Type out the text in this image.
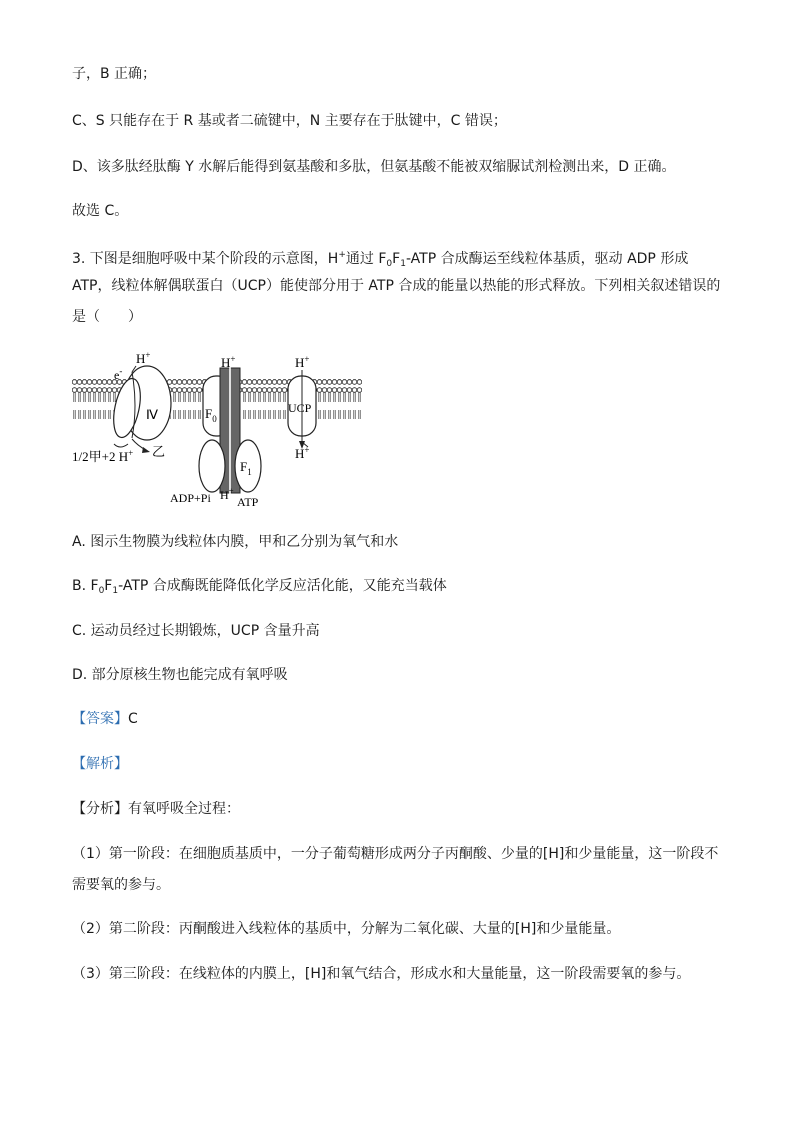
子，B 正确；
C、S 只能存在于 R 基或者二硫键中，N 主要存在于肽键中，C 错误；
D、该多肽经肽酶 Y 水解后能得到氨基酸和多肽，但氨基酸不能被双缩脲试剂检测出来，D 正确。
故选 C。
3. 下图是细胞呼吸中某个阶段的示意图，H+通过 $F_0F_1$-ATP 合成酶运至线粒体基质，驱动 ADP 形成
ATP，线粒体解偶联蛋白（UCP）能使部分用于 ATP 合成的能量以热能的形式释放。下列相关叙述错误的
是（　　）
H+
e-
Ⅳ
H+
$F_0$
$F_1$
H+
UCP
H+
1/2甲+2 H+ 乙
ADP+Pi H+
ATP
A. 图示生物膜为线粒体内膜，甲和乙分别为氧气和水
B. $F_0F_1$-ATP 合成酶既能降低化学反应活化能，又能充当载体
C. 运动员经过长期锻炼，UCP 含量升高
D. 部分原核生物也能完成有氧呼吸
【答案】C
【解析】
【分析】有氧呼吸全过程：
（1）第一阶段：在细胞质基质中，一分子葡萄糖形成两分子丙酮酸、少量的[H]和少量能量，这一阶段不
需要氧的参与。
（2）第二阶段：丙酮酸进入线粒体的基质中，分解为二氧化碳、大量的[H]和少量能量。
（3）第三阶段：在线粒体的内膜上，[H]和氧气结合，形成水和大量能量，这一阶段需要氧的参与。
